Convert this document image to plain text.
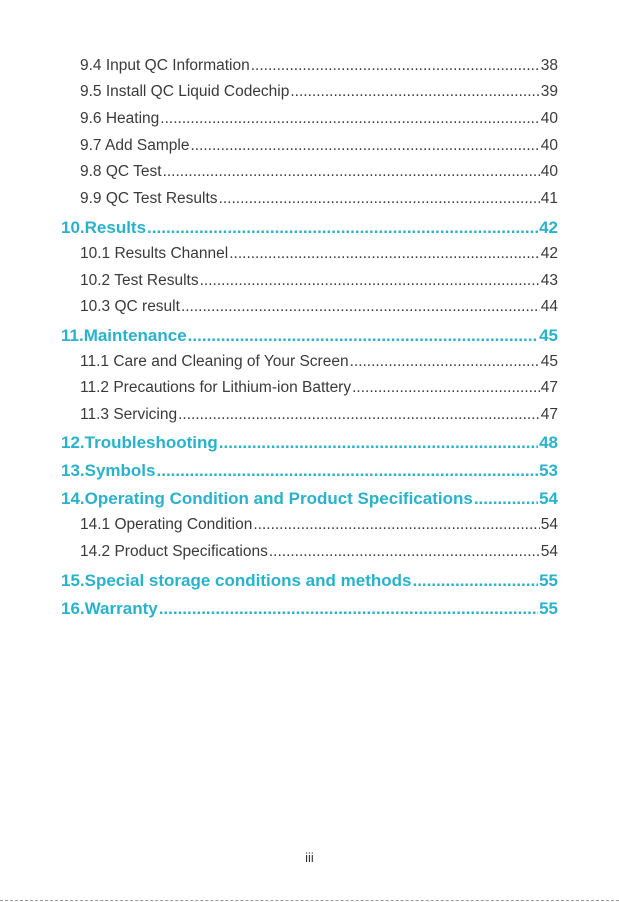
9.4 Input QC Information .....	38
9.5 Install QC Liquid Codechip .....	39
9.6 Heating .....	40
9.7 Add Sample .....	40
9.8 QC Test .....	40
9.9 QC Test Results .....	41
10.Results .....	42
10.1 Results Channel .....	42
10.2 Test Results .....	43
10.3 QC result .....	44
11.Maintenance .....	45
11.1 Care and Cleaning of Your Screen .....	45
11.2 Precautions for Lithium-ion Battery .....	47
11.3 Servicing .....	47
12.Troubleshooting .....	48
13.Symbols .....	53
14.Operating Condition and Product Specifications .....	54
14.1 Operating Condition .....	54
14.2 Product Specifications .....	54
15.Special storage conditions and methods .....	55
16.Warranty .....	55
iii
